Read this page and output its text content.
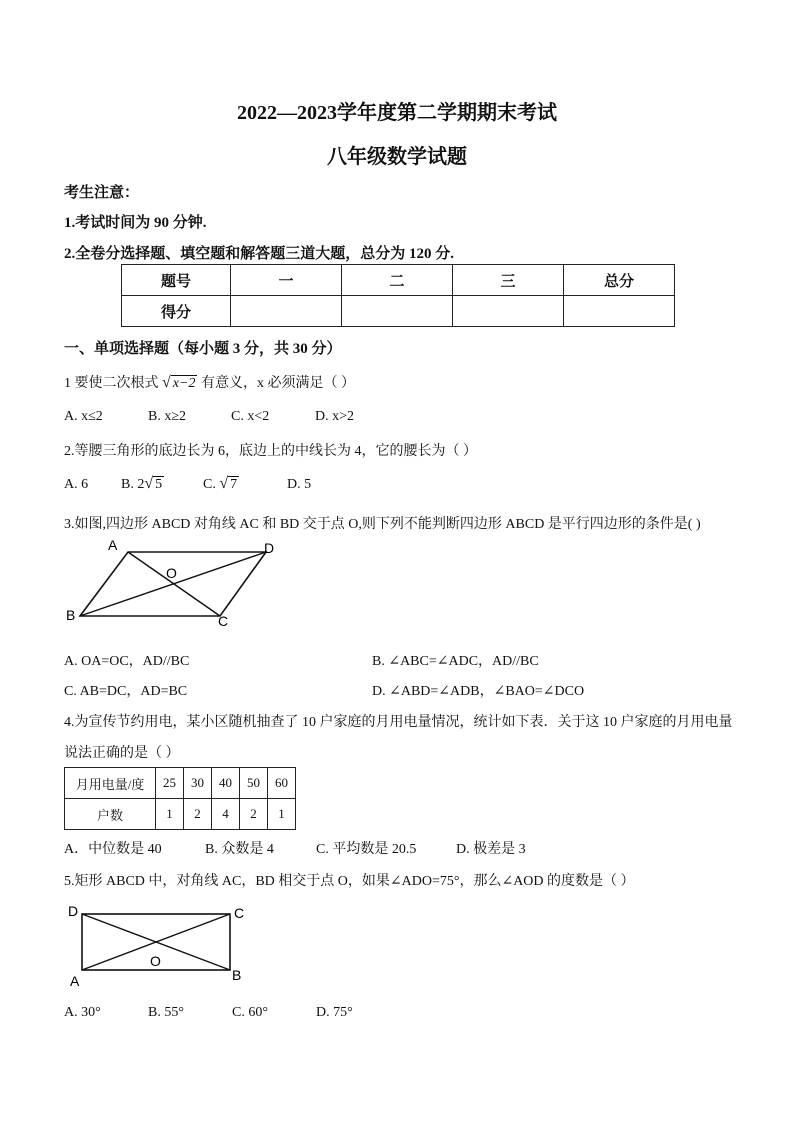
2022—2023学年度第二学期期末考试
八年级数学试题
考生注意：
1.考试时间为 90 分钟.
2.全卷分选择题、填空题和解答题三道大题，总分为 120 分.
题号	一	二	三	总分
得分				
一、单项选择题（每小题 3 分，共 30 分）
1 要使二次根式 √ x−2 有意义，x 必须满足（ ）
A. x≤2	B. x≥2	C. x<2	D. x>2
2.等腰三角形的底边长为 6，底边上的中线长为 4，它的腰长为（ ）
A. 6 B. 2√ 5	C. √ 7	D. 5
3.如图,四边形 ABCD 对角线 AC 和 BD 交于点 O,则下列不能判断四边形 ABCD 是平行四边形的条件是( )
A	D
O
B	C
A. OA=OC，AD//BC	B. ∠ABC=∠ADC，AD//BC
C. AB=DC，AD=BC	D. ∠ABD=∠ADB，∠BAO=∠DCO
4.为宣传节约用电，某小区随机抽查了 10 户家庭的月用电量情况，统计如下表．关于这 10 户家庭的月用电量
说法正确的是（ ）
月用电量/度	25	30	40	50	60
户数	1	2	4	2	1
A．中位数是 40	B. 众数是 4	C. 平均数是 20.5	D. 极差是 3
5.矩形 ABCD 中，对角线 AC，BD 相交于点 O，如果∠ADO=75°，那么∠AOD 的度数是（ ）
D	C
O
A	B
A. 30°	B. 55°	C. 60°	D. 75°
